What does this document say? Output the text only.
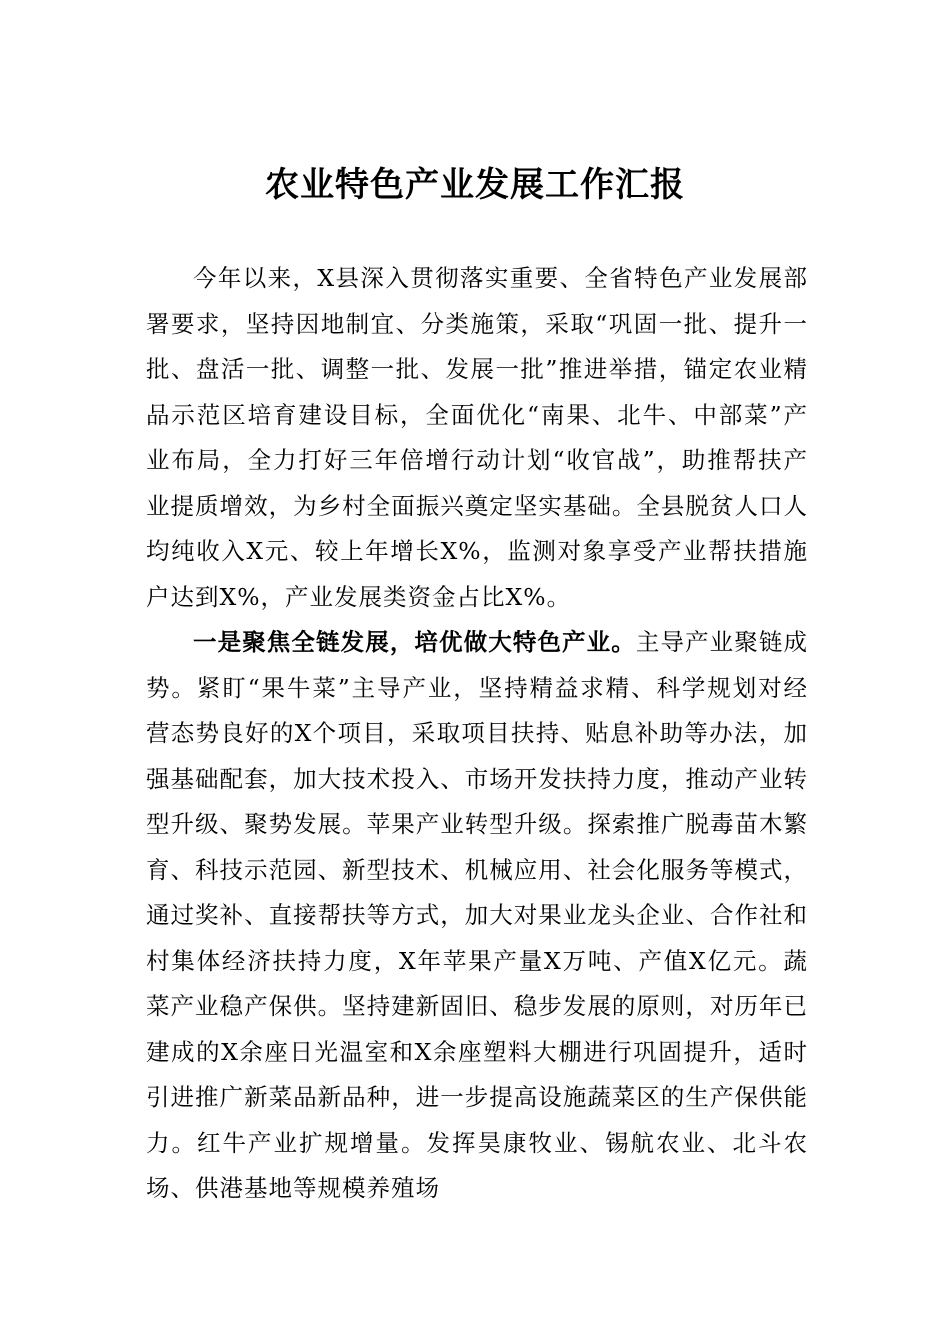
农业特色产业发展工作汇报

今年以来，X县深入贯彻落实重要、全省特色产业发展部署要求，坚持因地制宜、分类施策，采取“巩固一批、提升一批、盘活一批、调整一批、发展一批”推进举措，锚定农业精品示范区培育建设目标，全面优化“南果、北牛、中部菜”产业布局，全力打好三年倍增行动计划“收官战”，助推帮扶产业提质增效，为乡村全面振兴奠定坚实基础。全县脱贫人口人均纯收入X元、较上年增长X%，监测对象享受产业帮扶措施户达到X%，产业发展类资金占比X%。

一是聚焦全链发展，培优做大特色产业。主导产业聚链成势。紧盯“果牛菜”主导产业，坚持精益求精、科学规划对经营态势良好的X个项目，采取项目扶持、贴息补助等办法，加强基础配套，加大技术投入、市场开发扶持力度，推动产业转型升级、聚势发展。苹果产业转型升级。探索推广脱毒苗木繁育、科技示范园、新型技术、机械应用、社会化服务等模式，通过奖补、直接帮扶等方式，加大对果业龙头企业、合作社和村集体经济扶持力度，X年苹果产量X万吨、产值X亿元。蔬菜产业稳产保供。坚持建新固旧、稳步发展的原则，对历年已建成的X余座日光温室和X余座塑料大棚进行巩固提升，适时引进推广新菜品新品种，进一步提高设施蔬菜区的生产保供能力。红牛产业扩规增量。发挥昊康牧业、锡航农业、北斗农场、供港基地等规模养殖场
